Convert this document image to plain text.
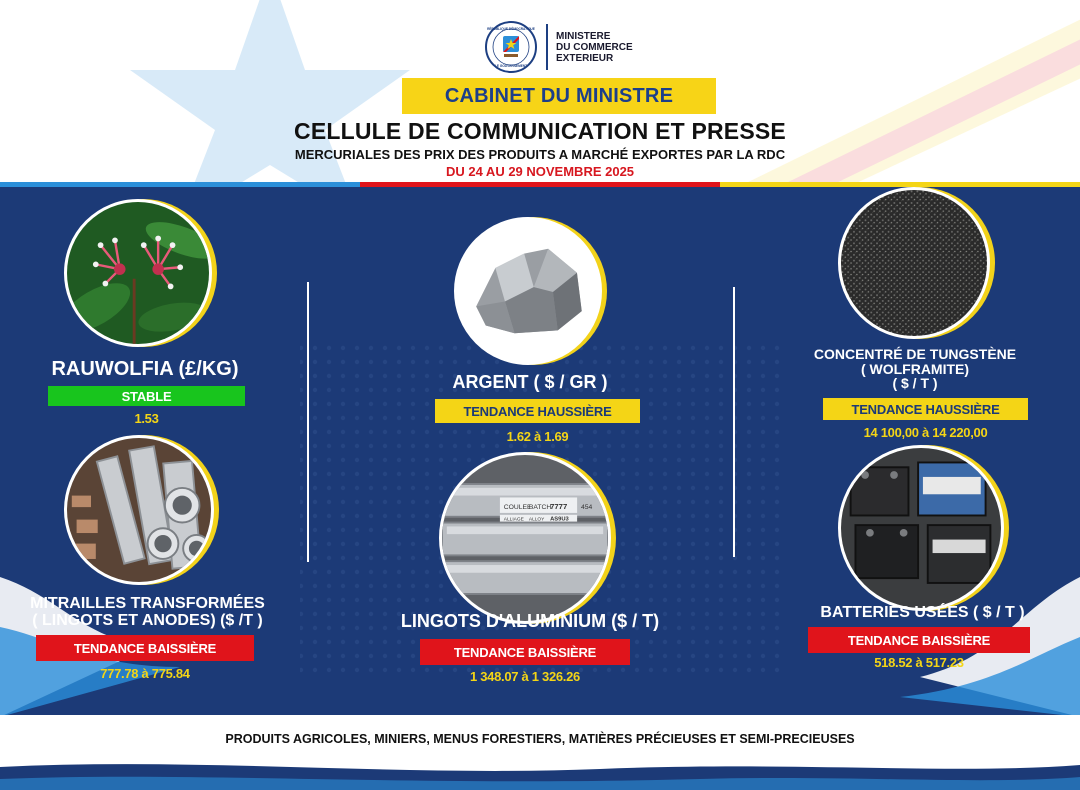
RÉPUBLIQUE DÉMOCRATIQUE
LE GOUVERNEMENT
MINISTERE
DU COMMERCE
EXTERIEUR
CABINET DU MINISTRE
CELLULE DE COMMUNICATION ET PRESSE
MERCURIALES DES PRIX DES PRODUITS A MARCHÉ EXPORTES PAR LA RDC
DU 24 AU 29 NOVEMBRE 2025
RAUWOLFIA (£/KG)
STABLE
1.53
ARGENT ( $ / GR )
TENDANCE HAUSSIÈRE
1.62 à 1.69
CONCENTRÉ DE TUNGSTÈNE
( WOLFRAMITE)
( $ / T )
TENDANCE HAUSSIÈRE
14 100,00 à 14 220,00
MITRAILLES TRANSFORMÉES
( LINGOTS ET ANODES) ($ /T )
TENDANCE BAISSIÈRE
777.78 à 775.84
COULEE
BATCH
7777 454
AS9U3
ALLIAGE ALLOY
LINGOTS D'ALUMINIUM ($ / T)
TENDANCE BAISSIÈRE
1 348.07 à 1 326.26
BATTERIES USÉES ( $ / T )
TENDANCE BAISSIÈRE
518.52 à 517.23
PRODUITS AGRICOLES, MINIERS, MENUS FORESTIERS, MATIÈRES PRÉCIEUSES ET SEMI-PRECIEUSES
